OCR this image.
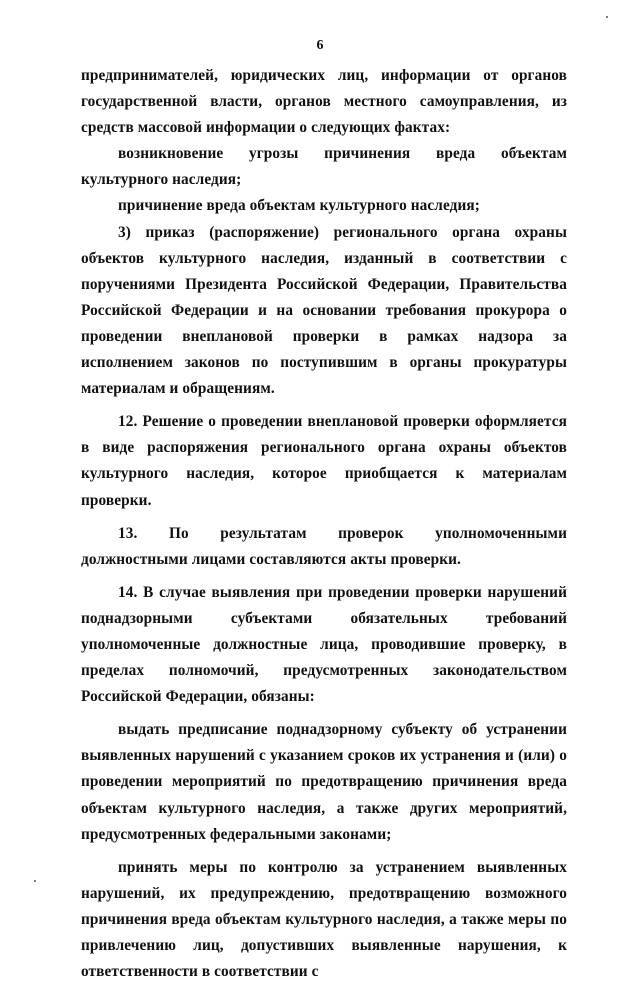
6

предпринимателей, юридических лиц, информации от органов государственной власти, органов местного самоуправления, из средств массовой информации о следующих фактах:

возникновение угрозы причинения вреда объектам культурного наследия;

причинение вреда объектам культурного наследия;

3) приказ (распоряжение) регионального органа охраны объектов культурного наследия, изданный в соответствии с поручениями Президента Российской Федерации, Правительства Российской Федерации и на основании требования прокурора о проведении внеплановой проверки в рамках надзора за исполнением законов по поступившим в органы прокуратуры материалам и обращениям.

12. Решение о проведении внеплановой проверки оформляется в виде распоряжения регионального органа охраны объектов культурного наследия, которое приобщается к материалам проверки.

13. По результатам проверок уполномоченными должностными лицами составляются акты проверки.

14. В случае выявления при проведении проверки нарушений поднадзорными субъектами обязательных требований уполномоченные должностные лица, проводившие проверку, в пределах полномочий, предусмотренных законодательством Российской Федерации, обязаны:

выдать предписание поднадзорному субъекту об устранении выявленных нарушений с указанием сроков их устранения и (или) о проведении мероприятий по предотвращению причинения вреда объектам культурного наследия, а также других мероприятий, предусмотренных федеральными законами;

принять меры по контролю за устранением выявленных нарушений, их предупреждению, предотвращению возможного причинения вреда объектам культурного наследия, а также меры по привлечению лиц, допустивших выявленные нарушения, к ответственности в соответствии с
